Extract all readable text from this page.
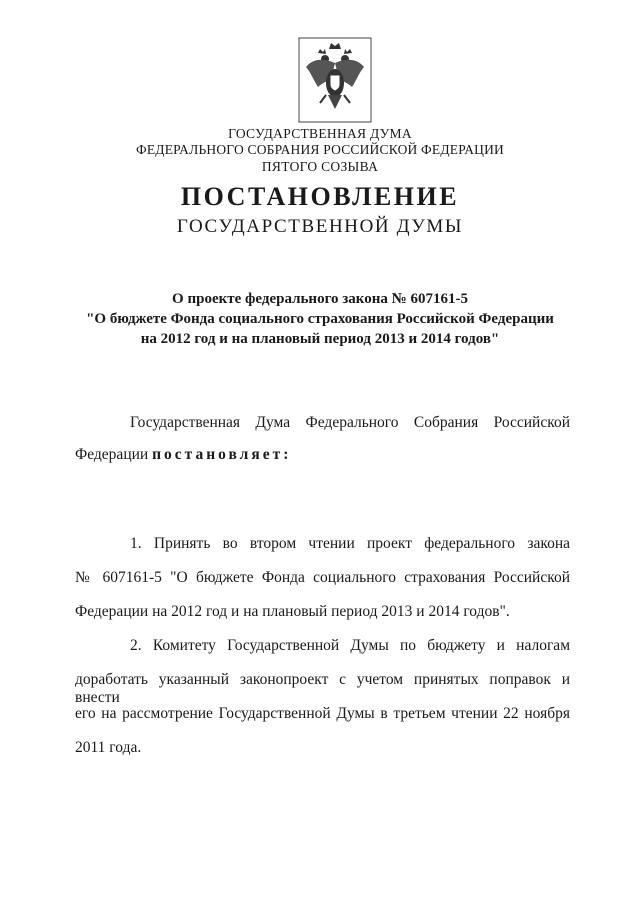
ГОСУДАРСТВЕННАЯ ДУМА
ФЕДЕРАЛЬНОГО СОБРАНИЯ РОССИЙСКОЙ ФЕДЕРАЦИИ
ПЯТОГО СОЗЫВА
ПОСТАНОВЛЕНИЕ
ГОСУДАРСТВЕННОЙ ДУМЫ
О проекте федерального закона № 607161-5
"О бюджете Фонда социального страхования Российской Федерации
на 2012 год и на плановый период 2013 и 2014 годов"
Государственная Дума Федерального Собрания Российской
Федерации постановляет:
1. Принять во втором чтении проект федерального закона
№ 607161-5 "О бюджете Фонда социального страхования Российской
Федерации на 2012 год и на плановый период 2013 и 2014 годов".
2. Комитету Государственной Думы по бюджету и налогам
доработать указанный законопроект с учетом принятых поправок и внести
его на рассмотрение Государственной Думы в третьем чтении 22 ноября
2011 года.
